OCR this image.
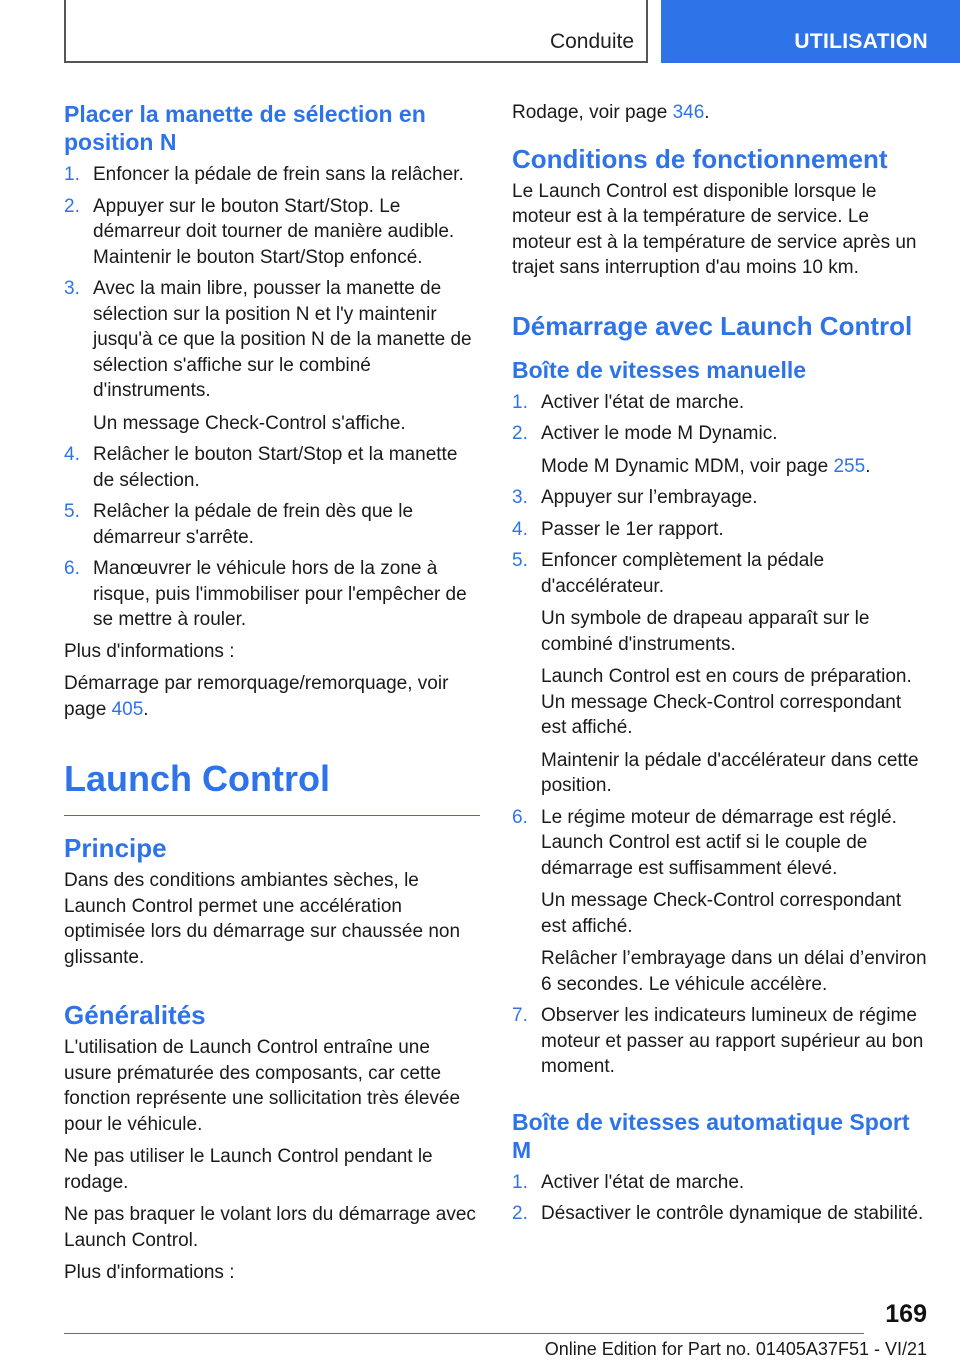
Conduite	UTILISATION
Placer la manette de sélection en position N
1. Enfoncer la pédale de frein sans la relâcher.
2. Appuyer sur le bouton Start/Stop. Le démarreur doit tourner de manière audible. Maintenir le bouton Start/Stop enfoncé.
3. Avec la main libre, pousser la manette de sélection sur la position N et l'y maintenir jusqu'à ce que la position N de la manette de sélection s'affiche sur le combiné d'instruments.
Un message Check-Control s'affiche.
4. Relâcher le bouton Start/Stop et la manette de sélection.
5. Relâcher la pédale de frein dès que le démarreur s'arrête.
6. Manœuvrer le véhicule hors de la zone à risque, puis l'immobiliser pour l'empêcher de se mettre à rouler.

Plus d'informations :

Démarrage par remorquage/remorquage, voir page 405.

Launch Control
Principe

Dans des conditions ambiantes sèches, le Launch Control permet une accélération optimisée lors du démarrage sur chaussée non glissante.

Généralités

L'utilisation de Launch Control entraîne une usure prématurée des composants, car cette fonction représente une sollicitation très élevée pour le véhicule.

Ne pas utiliser le Launch Control pendant le rodage.

Ne pas braquer le volant lors du démarrage avec Launch Control.

Plus d'informations :

Rodage, voir page 346.

Conditions de fonctionnement

Le Launch Control est disponible lorsque le moteur est à la température de service. Le moteur est à la température de service après un trajet sans interruption d'au moins 10 km.

Démarrage avec Launch Control
Boîte de vitesses manuelle
1. Activer l'état de marche.
2. Activer le mode M Dynamic.
Mode M Dynamic MDM, voir page 255.
3. Appuyer sur l’embrayage.
4. Passer le 1er rapport.
5. Enfoncer complètement la pédale d'accélérateur.
Un symbole de drapeau apparaît sur le combiné d'instruments.
Launch Control est en cours de préparation. Un message Check-Control correspondant est affiché.
Maintenir la pédale d'accélérateur dans cette position.
6. Le régime moteur de démarrage est réglé. Launch Control est actif si le couple de démarrage est suffisamment élevé.
Un message Check-Control correspondant est affiché.
Relâcher l’embrayage dans un délai d’environ 6 secondes. Le véhicule accélère.
7. Observer les indicateurs lumineux de régime moteur et passer au rapport supérieur au bon moment.
Boîte de vitesses automatique Sport M
1. Activer l'état de marche.
2. Désactiver le contrôle dynamique de stabilité.
169
Online Edition for Part no. 01405A37F51 - VI/21
